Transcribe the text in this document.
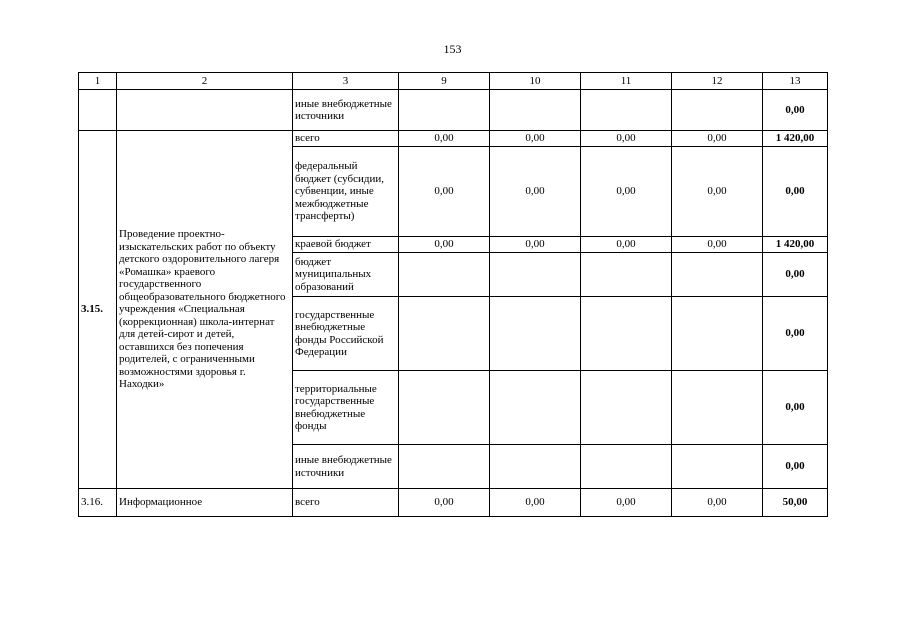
153
1	2	3	9	10	11	12	13
		иные внебюджетные источники					0,00
3.15.	Проведение проектно-изыскательских работ по объекту детского оздоровительного лагеря «Ромашка» краевого государственного общеобразовательного бюджетного учреждения «Специальная (коррекционная) школа-интернат для детей-сирот и детей, оставшихся без попечения родителей, с ограниченными возможностями здоровья г. Находки»	всего	0,00	0,00	0,00	0,00	1 420,00
		федеральный бюджет (субсидии, субвенции, иные межбюджетные трансферты)	0,00	0,00	0,00	0,00	0,00
		краевой бюджет	0,00	0,00	0,00	0,00	1 420,00
		бюджет муниципальных образований					0,00
		государственные внебюджетные фонды Российской Федерации					0,00
		территориальные государственные внебюджетные фонды					0,00
		иные внебюджетные источники					0,00
3.16.	Информационное	всего	0,00	0,00	0,00	0,00	50,00
